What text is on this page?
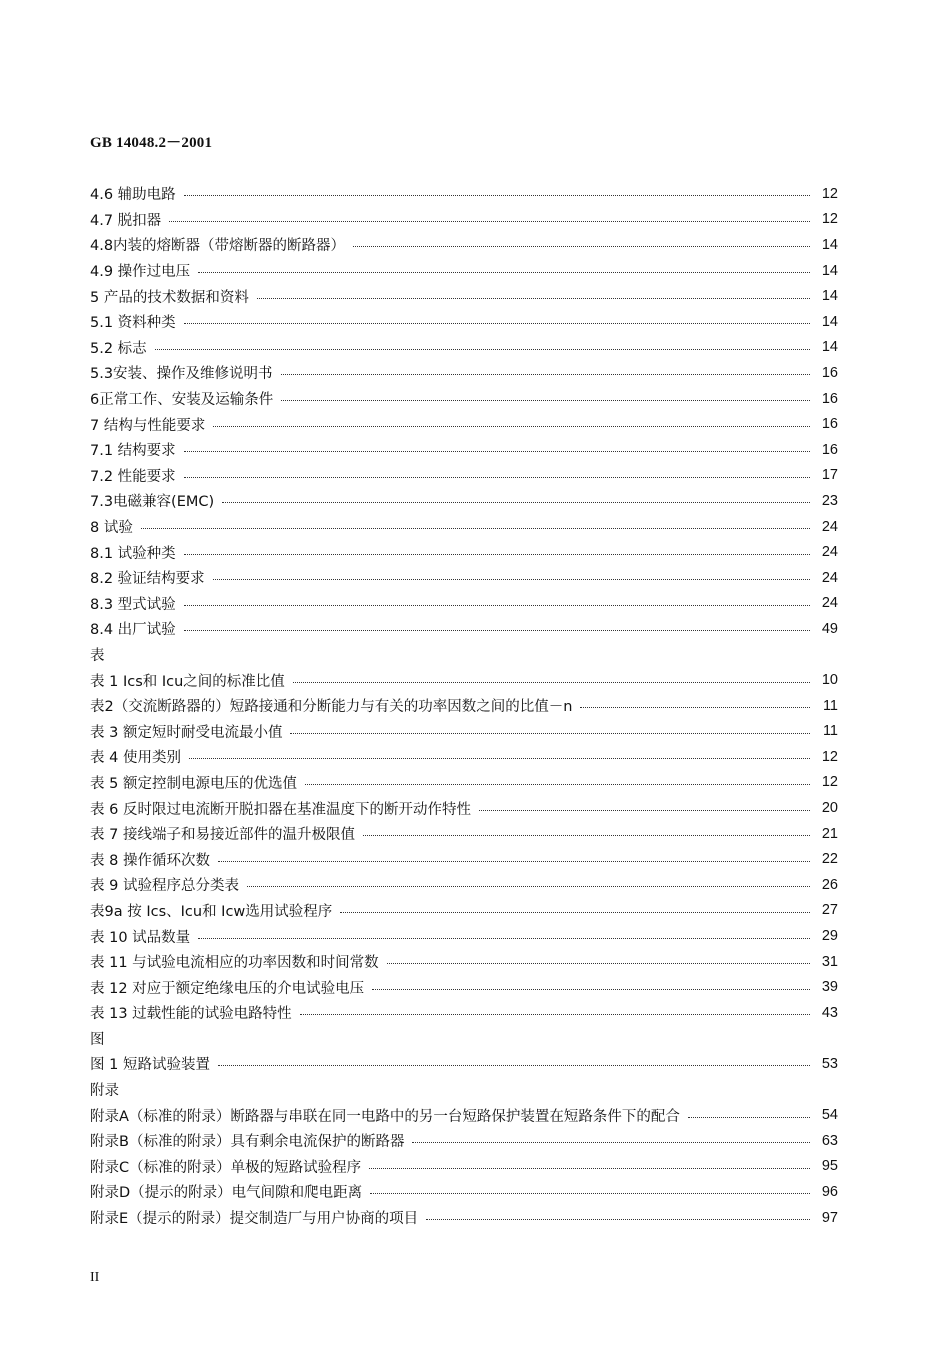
GB 14048.2－2001
4.6 辅助电路	12
4.7 脱扣器	12
4.8内装的熔断器（带熔断器的断路器）	14
4.9 操作过电压	14
5 产品的技术数据和资料	14
5.1 资料种类	14
5.2 标志	14
5.3安装、操作及维修说明书	16
6正常工作、安装及运输条件	16
7 结构与性能要求	16
7.1 结构要求	16
7.2 性能要求	17
7.3电磁兼容(EMC)	23
8 试验	24
8.1 试验种类	24
8.2 验证结构要求	24
8.3 型式试验	24
8.4 出厂试验	49
表
表 1 Ics和 Icu之间的标准比值	10
表2（交流断路器的）短路接通和分断能力与有关的功率因数之间的比值－n	11
表 3 额定短时耐受电流最小值	11
表 4 使用类别	12
表 5 额定控制电源电压的优选值	12
表 6 反时限过电流断开脱扣器在基准温度下的断开动作特性	20
表 7 接线端子和易接近部件的温升极限值	21
表 8 操作循环次数	22
表 9 试验程序总分类表	26
表9a 按 Ics、Icu和 Icw选用试验程序	27
表 10 试品数量	29
表 11 与试验电流相应的功率因数和时间常数	31
表 12 对应于额定绝缘电压的介电试验电压	39
表 13 过载性能的试验电路特性	43
图
图 1 短路试验装置	53
附录
附录A（标准的附录）断路器与串联在同一电路中的另一台短路保护装置在短路条件下的配合	54
附录B（标准的附录）具有剩余电流保护的断路器	63
附录C（标准的附录）单极的短路试验程序	95
附录D（提示的附录）电气间隙和爬电距离	96
附录E（提示的附录）提交制造厂与用户协商的项目	97
II
